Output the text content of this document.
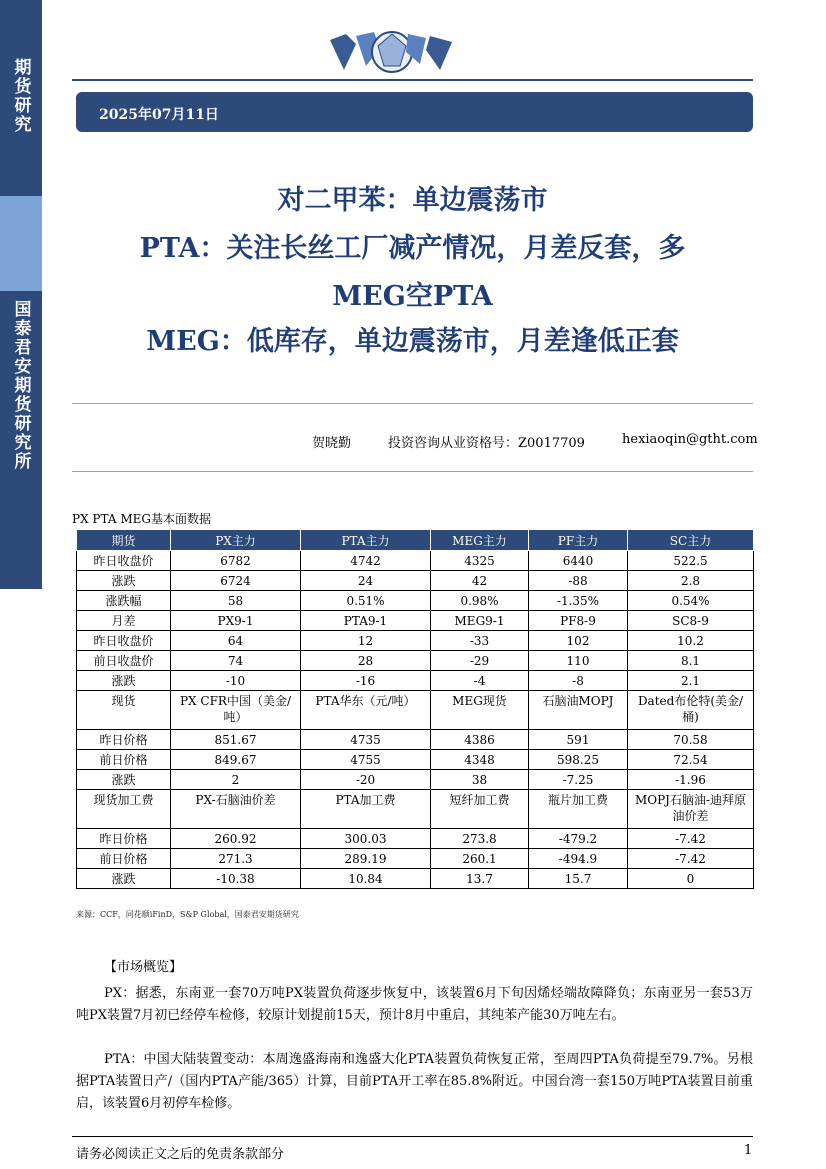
期货研究
国泰君安期货研究所
2025年07月11日
对二甲苯：单边震荡市
PTA：关注长丝工厂减产情况，月差反套，多
MEG空PTA
MEG：低库存，单边震荡市，月差逢低正套
贺晓勤	投资咨询从业资格号：Z0017709	hexiaoqin@gtht.com
PX PTA MEG基本面数据
期货	PX主力	PTA主力	MEG主力	PF主力	SC主力
昨日收盘价	6782	4742	4325	6440	522.5
涨跌	6724	24	42	-88	2.8
涨跌幅	58	0.51%	0.98%	-1.35%	0.54%
月差	PX9-1	PTA9-1	MEG9-1	PF8-9	SC8-9
昨日收盘价	64	12	-33	102	10.2
前日收盘价	74	28	-29	110	8.1
涨跌	-10	-16	-4	-8	2.1
现货	PX CFR中国（美金/吨）	PTA华东（元/吨）	MEG现货	石脑油MOPJ	Dated布伦特(美金/桶)
昨日价格	851.67	4735	4386	591	70.58
前日价格	849.67	4755	4348	598.25	72.54
涨跌	2	-20	38	-7.25	-1.96
现货加工费	PX-石脑油价差	PTA加工费	短纤加工费	瓶片加工费	MOPJ石脑油-迪拜原油价差
昨日价格	260.92	300.03	273.8	-479.2	-7.42
前日价格	271.3	289.19	260.1	-494.9	-7.42
涨跌	-10.38	10.84	13.7	15.7	0
来源：CCF，同花顺iFinD，S&P Global，国泰君安期货研究
【市场概览】
PX：据悉，东南亚一套70万吨PX装置负荷逐步恢复中，该装置6月下旬因烯烃端故障降负；东南亚另一套53万吨PX装置7月初已经停车检修，较原计划提前15天，预计8月中重启，其纯苯产能30万吨左右。
PTA：中国大陆装置变动：本周逸盛海南和逸盛大化PTA装置负荷恢复正常，至周四PTA负荷提至79.7%。另根据PTA装置日产/（国内PTA产能/365）计算，目前PTA开工率在85.8%附近。中国台湾一套150万吨PTA装置目前重启，该装置6月初停车检修。
请务必阅读正文之后的免责条款部分	1
